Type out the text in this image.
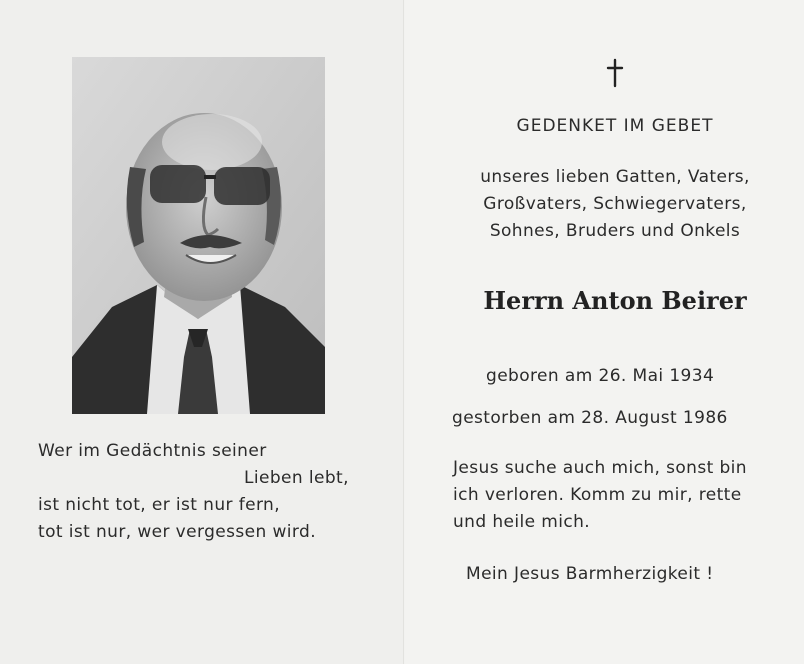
Wer im Gedächtnis seiner
Lieben lebt,
ist nicht tot, er ist nur fern,
tot ist nur, wer vergessen wird.
GEDENKET IM GEBET
unseres lieben Gatten, Vaters,
Großvaters, Schwiegervaters,
Sohnes, Bruders und Onkels
Herrn Anton Beirer
geboren am 26. Mai 1934
gestorben am 28. August 1986
Jesus suche auch mich, sonst bin
ich verloren. Komm zu mir, rette
und heile mich.
Mein Jesus Barmherzigkeit !
